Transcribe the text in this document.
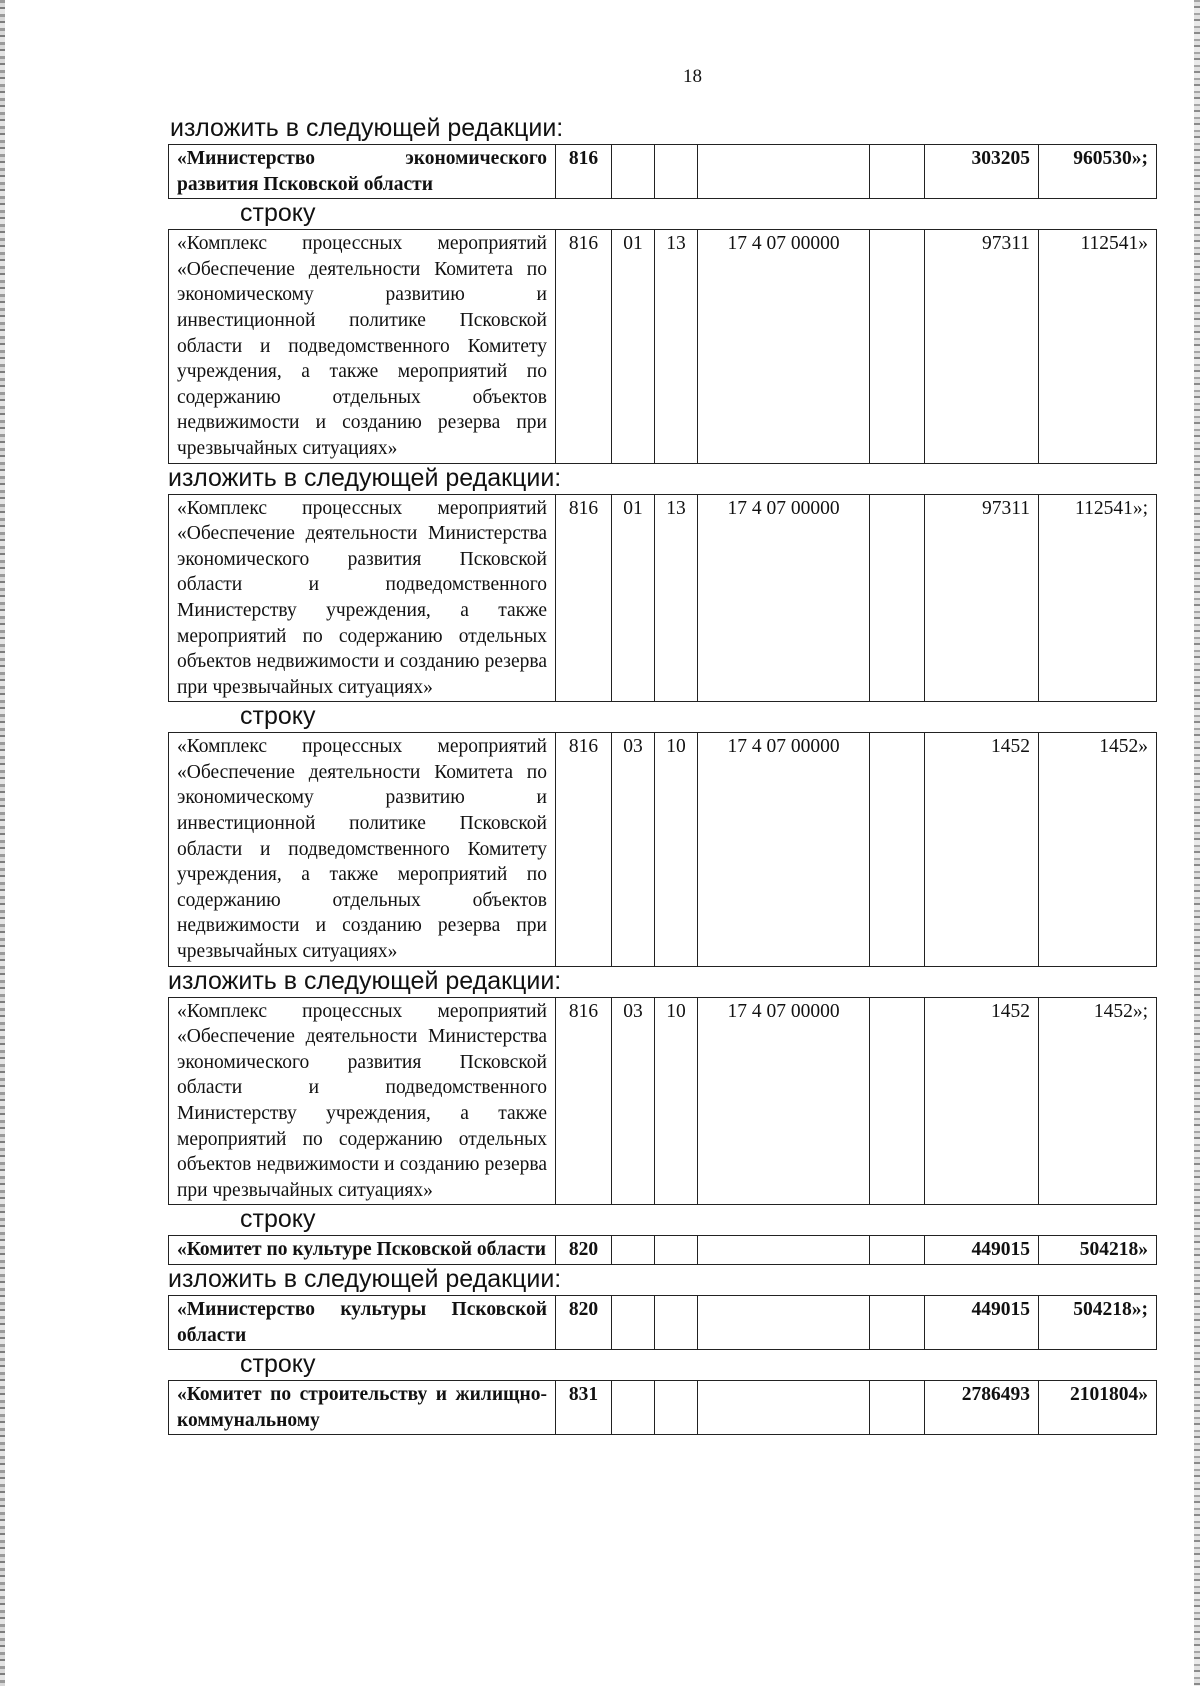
18
изложить в следующей редакции:
«Министерство экономического развития Псковской области	816					303205	960530»;
строку
«Комплекс процессных мероприятий «Обеспечение деятельности Комитета по экономическому развитию и инвестиционной политике Псковской области и подведомственного Комитету учреждения, а также мероприятий по содержанию отдельных объектов недвижимости и созданию резерва при чрезвычайных ситуациях»	816	01	13	17 4 07 00000		97311	112541»
изложить в следующей редакции:
«Комплекс процессных мероприятий «Обеспечение деятельности Министерства экономического развития Псковской области и подведомственного Министерству учреждения, а также мероприятий по содержанию отдельных объектов недвижимости и созданию резерва при чрезвычайных ситуациях»	816	01	13	17 4 07 00000		97311	112541»;
строку
«Комплекс процессных мероприятий «Обеспечение деятельности Комитета по экономическому развитию и инвестиционной политике Псковской области и подведомственного Комитету учреждения, а также мероприятий по содержанию отдельных объектов недвижимости и созданию резерва при чрезвычайных ситуациях»	816	03	10	17 4 07 00000		1452	1452»
изложить в следующей редакции:
«Комплекс процессных мероприятий «Обеспечение деятельности Министерства экономического развития Псковской области и подведомственного Министерству учреждения, а также мероприятий по содержанию отдельных объектов недвижимости и созданию резерва при чрезвычайных ситуациях»	816	03	10	17 4 07 00000		1452	1452»;
строку
«Комитет по культуре Псковской области	820					449015	504218»
изложить в следующей редакции:
«Министерство культуры Псковской области	820					449015	504218»;
строку
«Комитет по строительству и жилищно-коммунальному	831					2786493	2101804»
